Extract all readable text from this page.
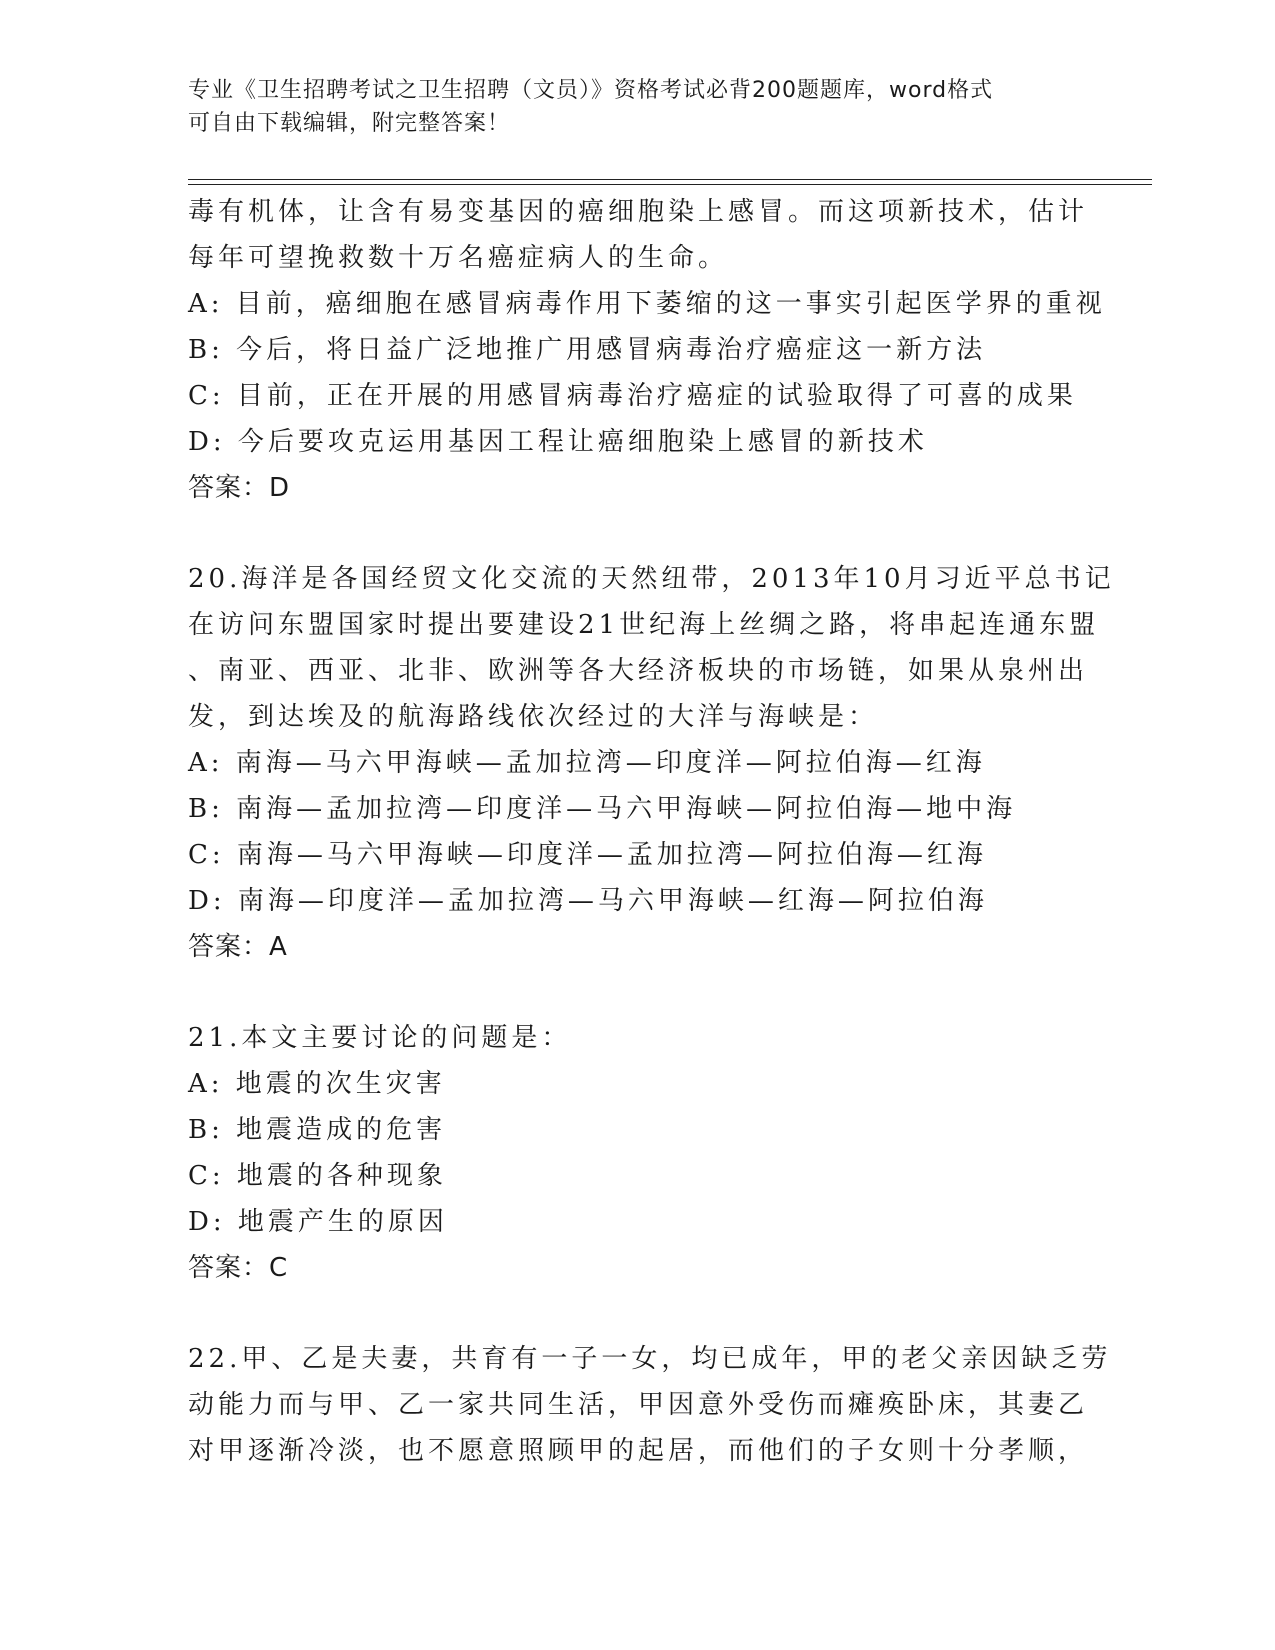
专业《卫生招聘考试之卫生招聘（文员）》资格考试必背200题题库，word格式
可自由下载编辑，附完整答案！
毒有机体，让含有易变基因的癌细胞染上感冒。而这项新技术，估计
每年可望挽救数十万名癌症病人的生命。
A: 目前，癌细胞在感冒病毒作用下萎缩的这一事实引起医学界的重视
B: 今后，将日益广泛地推广用感冒病毒治疗癌症这一新方法
C: 目前，正在开展的用感冒病毒治疗癌症的试验取得了可喜的成果
D: 今后要攻克运用基因工程让癌细胞染上感冒的新技术
答案：D
20.海洋是各国经贸文化交流的天然纽带，2013年10月习近平总书记
在访问东盟国家时提出要建设21世纪海上丝绸之路，将串起连通东盟
、南亚、西亚、北非、欧洲等各大经济板块的市场链，如果从泉州出
发，到达埃及的航海路线依次经过的大洋与海峡是：
A: 南海—马六甲海峡—孟加拉湾—印度洋—阿拉伯海—红海
B: 南海—孟加拉湾—印度洋—马六甲海峡—阿拉伯海—地中海
C: 南海—马六甲海峡—印度洋—孟加拉湾—阿拉伯海—红海
D: 南海—印度洋—孟加拉湾—马六甲海峡—红海—阿拉伯海
答案：A
21.本文主要讨论的问题是：
A: 地震的次生灾害
B: 地震造成的危害
C: 地震的各种现象
D: 地震产生的原因
答案：C
22.甲、乙是夫妻，共育有一子一女，均已成年，甲的老父亲因缺乏劳
动能力而与甲、乙一家共同生活，甲因意外受伤而瘫痪卧床，其妻乙
对甲逐渐冷淡，也不愿意照顾甲的起居，而他们的子女则十分孝顺，
